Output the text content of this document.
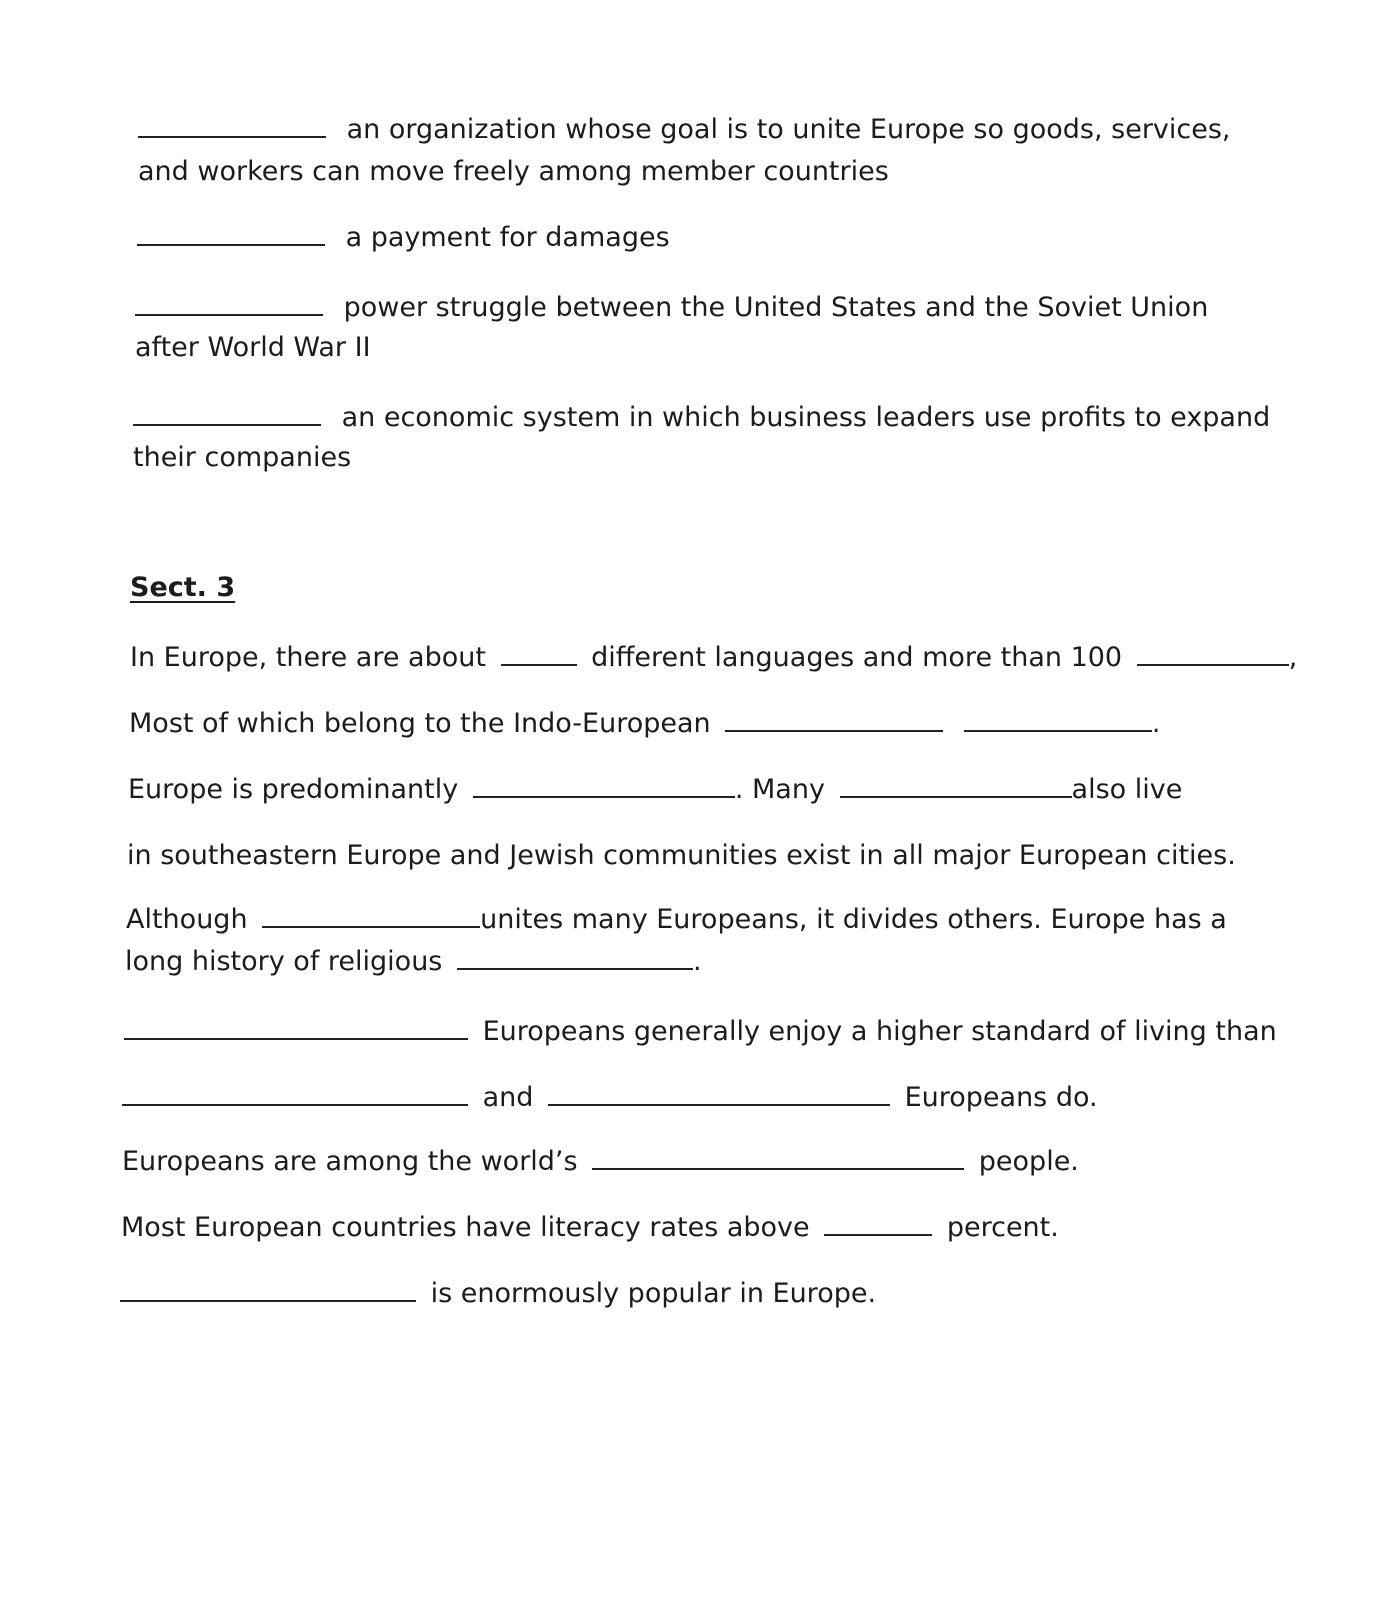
an organization whose goal is to unite Europe so goods, services,
and workers can move freely among member countries
a payment for damages
power struggle between the United States and the Soviet Union
after World War II
an economic system in which business leaders use profits to expand
their companies
Sect. 3
In Europe, there are about	different languages and more than 100	,
Most of which belong to the Indo-European	.
Europe is predominantly	. Many	also live
in southeastern Europe and Jewish communities exist in all major European cities.
Although	unites many Europeans, it divides others. Europe has a
long history of religious	.
Europeans generally enjoy a higher standard of living than
and	Europeans do.
Europeans are among the world’s	people.
Most European countries have literacy rates above	percent.
is enormously popular in Europe.
